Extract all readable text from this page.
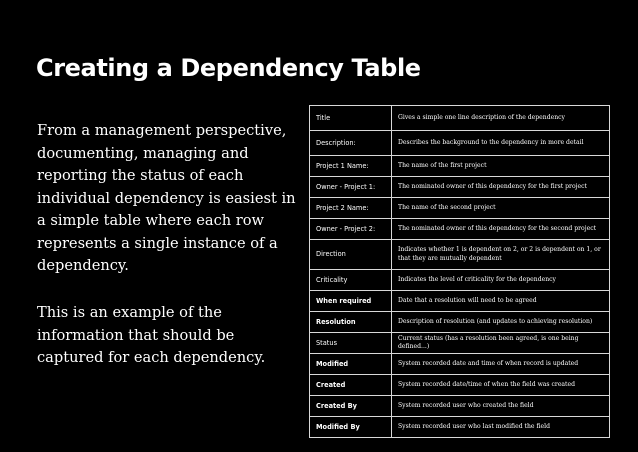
Creating a Dependency Table

From a management perspective, documenting, managing and reporting the status of each individual dependency is easiest in a simple table where each row represents a single instance of a dependency.

This is an example of the information that should be captured for each dependency.

Title	Gives a simple one line description of the dependency
Description:	Describes the background to the dependency in more detail
Project 1 Name:	The name of the first project
Owner - Project 1:	The nominated owner of this dependency for the first project
Project 2 Name:	The name of the second project
Owner - Project 2:	The nominated owner of this dependency for the second project
Direction	Indicates whether 1 is dependent on 2, or 2 is dependent on 1, or that they are mutually dependent
Criticality	Indicates the level of criticality for the dependency
When required	Date that a resolution will need to be agreed
Resolution	Description of resolution (and updates to achieving resolution)
Status	Current status (has a resolution been agreed, is one being defined...)
Modified	System recorded date and time of when record is updated
Created	System recorded date/time of when the field was created
Created By	System recorded user who created the field
Modified By	System recorded user who last modified the field
